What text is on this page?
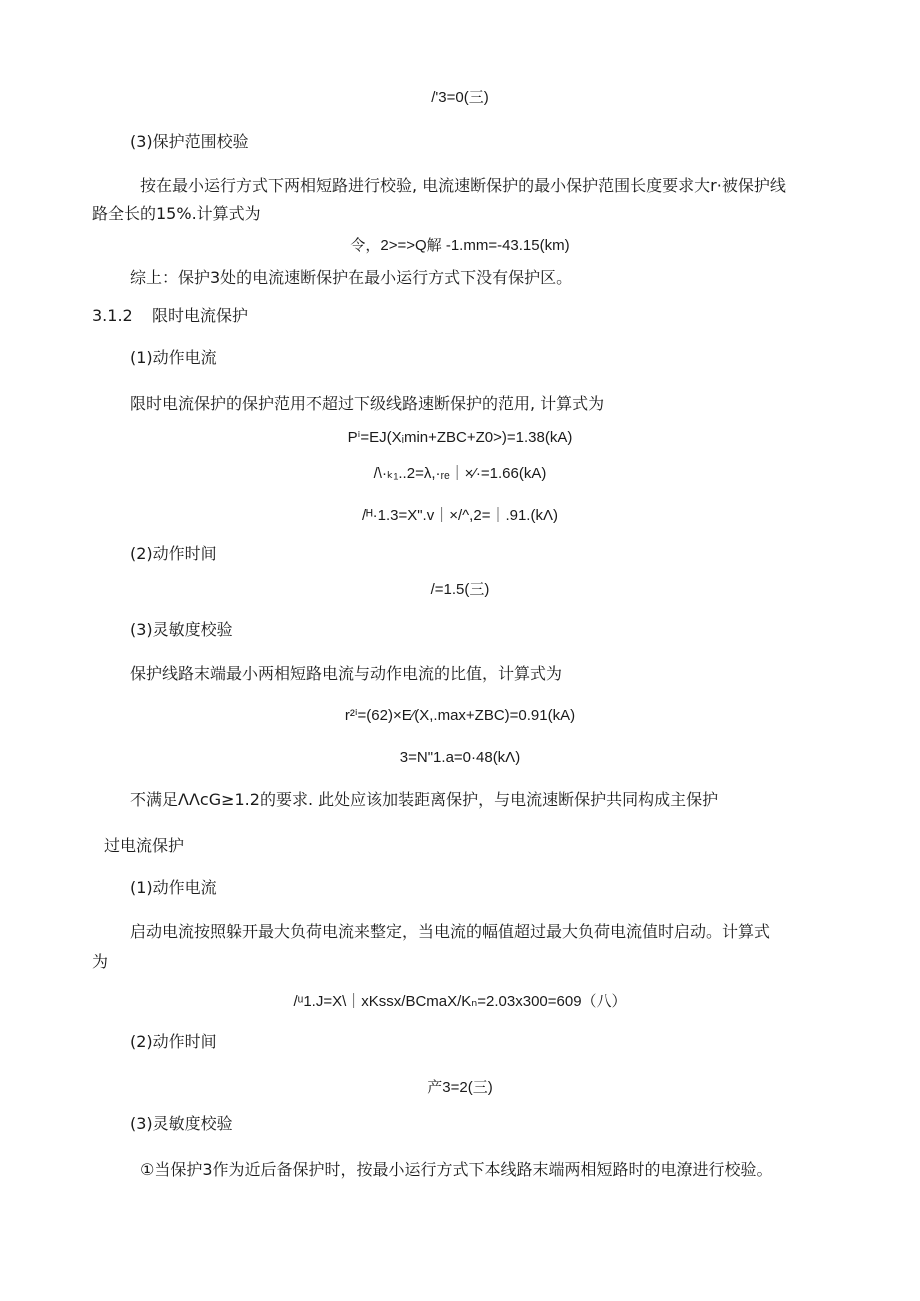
/'3=0(三)
(3)保护范围校验
按在最小运行方式下两相短路进行校验, 电流速断保护的最小保护范围长度要求大r·被保护线
路全长的15%.计算式为
令，2>=>Q解 -1.mm=-43.15(km)
综上：保护3处的电流速断保护在最小运行方式下没有保护区。
3.1.2 限时电流保护
(1)动作电流
限时电流保护的保护范用不超过下级线路速断保护的范用, 计算式为
Pⁱ=EJ(Xᵢmin+ZBC+Z0>)=1.38(kA)
/\·ₖ₁..2=λ,·ᵣₑ｜×⁄·=1.66(kA)
/ᴴ·1.3=X".v｜×/^,2=｜.91.(kΛ)
(2)动作时间
/=1.5(三)
(3)灵敏度校验
保护线路末端最小两相短路电流与动作电流的比值，计算式为
r²ⁱ=(62)×E⁄(X,.max+ZBC)=0.91(kA)
3=N"1.a=0·48(kΛ)
不满足ΛΛcG≥1.2的要求. 此处应该加装距离保护，与电流速断保护共同构成主保护
过电流保护
(1)动作电流
启动电流按照躲开最大负荷电流来整定，当电流的幅值超过最大负荷电流值时启动。计算式
为
/ᵘ1.J=X\｜xKssx/BCmaX/Kₙ=2.03x300=609（八）
(2)动作时间
产3=2(三)
(3)灵敏度校验
①当保护3作为近后备保护时，按最小运行方式下本线路末端两相短路时的电潦进行校验。
